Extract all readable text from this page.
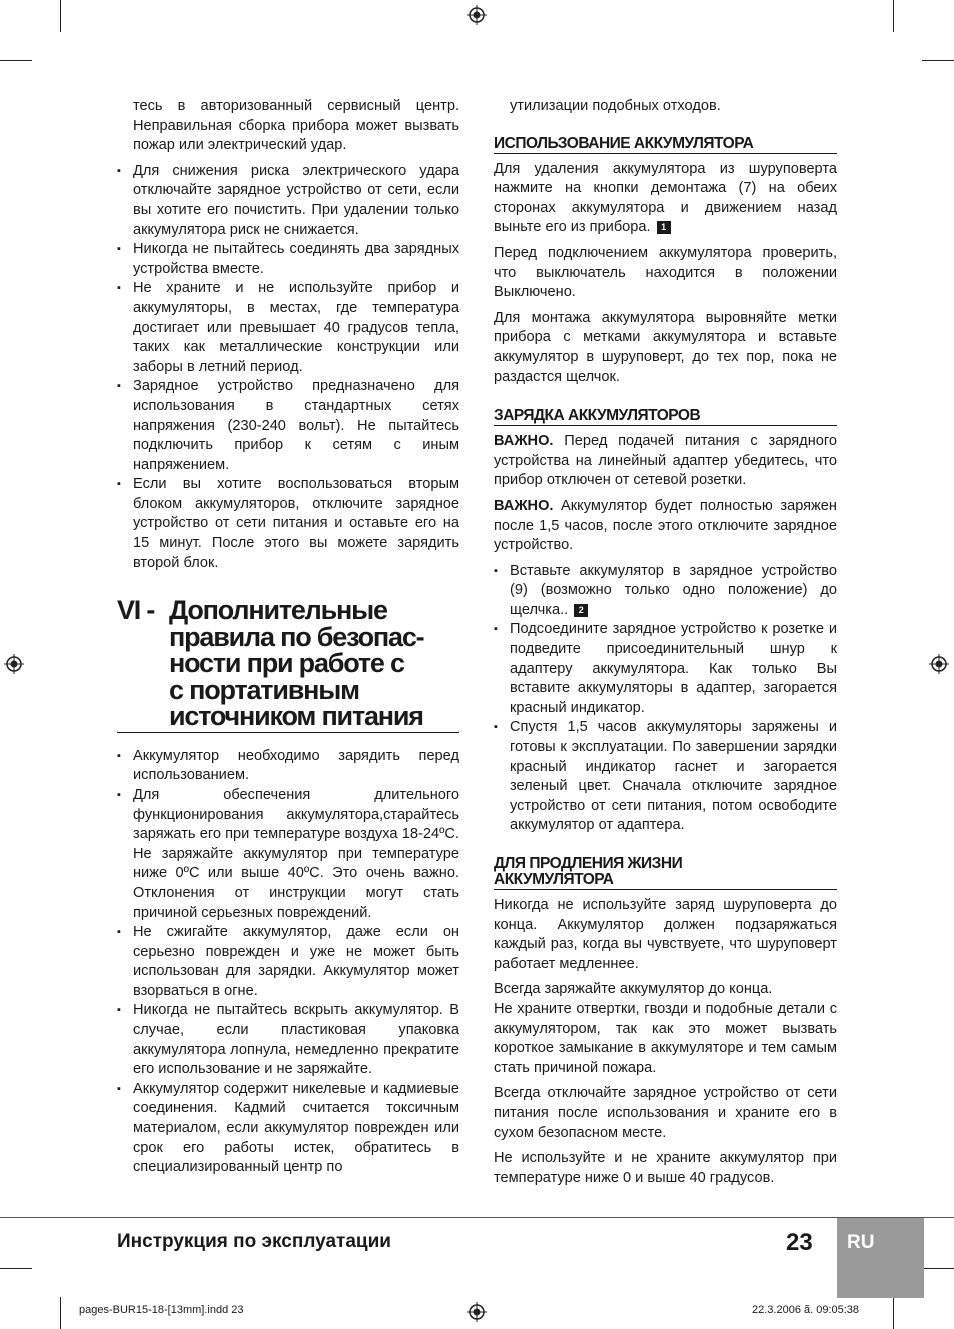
тесь в авторизованный сервисный центр. Неправильная сборка прибора может вызвать пожар или электрический удар.

▪ Для снижения риска электрического удара отключайте зарядное устройство от сети, если вы хотите его почистить. При удалении только аккумулятора риск не снижается.
▪ Никогда не пытайтесь соединять два зарядных устройства вместе.
▪ Не храните и не используйте прибор и аккумуляторы, в местах, где температура достигает или превышает 40 градусов тепла, таких как металлические конструкции или заборы в летний период.
▪ Зарядное устройство предназначено для использования в стандартных сетях напряжения (230-240 вольт). Не пытайтесь подключить прибор к сетям с иным напряжением.
▪ Если вы хотите воспользоваться вторым блоком аккумуляторов, отключите зарядное устройство от сети питания и оставьте его на 15 минут. После этого вы можете зарядить второй блок.
VI - Дополнительные
правила по безопас-
ности при работе с
с портативным
источником питания
▪ Аккумулятор необходимо зарядить перед использованием.
▪ Для обеспечения длительного функционирования аккумулятора,старайтесь заряжать его при температуре воздуха 18-24ºC. Не заряжайте аккумулятор при температуре ниже 0ºC или выше 40ºC. Это очень важно. Отклонения от инструкции могут стать причиной серьезных повреждений.
▪ Не сжигайте аккумулятор, даже если он серьезно поврежден и уже не может быть использован для зарядки. Аккумулятор может взорваться в огне.
▪ Никогда не пытайтесь вскрыть аккумулятор. В случае, если пластиковая упаковка аккумулятора лопнула, немедленно прекратите его использование и не заряжайте.
▪ Аккумулятор содержит никелевые и кадмиевые соединения. Кадмий считается токсичным материалом, если аккумулятор поврежден или срок его работы истек, обратитесь в специализированный центр по

утилизации подобных отходов.

ИСПОЛЬЗОВАНИЕ АККУМУЛЯТОРА

Для удаления аккумулятора из шуруповерта нажмите на кнопки демонтажа (7) на обеих сторонах аккумулятора и движением назад выньте его из прибора. 1

Перед подключением аккумулятора проверить, что выключатель находится в положении Выключено.

Для монтажа аккумулятора выровняйте метки прибора с метками аккумулятора и вставьте аккумулятор в шуруповерт, до тех пор, пока не раздастся щелчок.

ЗАРЯДКА АККУМУЛЯТОРОВ

ВАЖНО. Перед подачей питания с зарядного устройства на линейный адаптер убедитесь, что прибор отключен от сетевой розетки.

ВАЖНО. Аккумулятор будет полностью заряжен после 1,5 часов, после этого отключите зарядное устройство.

▪ Вставьте аккумулятор в зарядное устройство (9) (возможно только одно положение) до щелчка.. 2
▪ Подсоедините зарядное устройство к розетке и подведите присоединительный шнур к адаптеру аккумулятора. Как только Вы вставите аккумуляторы в адаптер, загорается красный индикатор.
▪ Спустя 1,5 часов аккумуляторы заряжены и готовы к эксплуатации. По завершении зарядки красный индикатор гаснет и загорается зеленый цвет. Сначала отключите зарядное устройство от сети питания, потом освободите аккумулятор от адаптера.
ДЛЯ ПРОДЛЕНИЯ ЖИЗНИ
АККУМУЛЯТОРА

Никогда не используйте заряд шуруповерта до конца. Аккумулятор должен подзаряжаться каждый раз, когда вы чувствуете, что шуруповерт работает медленнее.

Всегда заряжайте аккумулятор до конца.
Не храните отвертки, гвозди и подобные детали с аккумулятором, так как это может вызвать короткое замыкание в аккумуляторе и тем самым стать причиной пожара.

Всегда отключайте зарядное устройство от сети питания после использования и храните его в сухом безопасном месте.

Не используйте и не храните аккумулятор при температуре ниже 0 и выше 40 градусов.

Инструкция по эксплуатации	23 RU
pages-BUR15-18-[13mm].indd 23	22.3.2006 ã. 09:05:38
